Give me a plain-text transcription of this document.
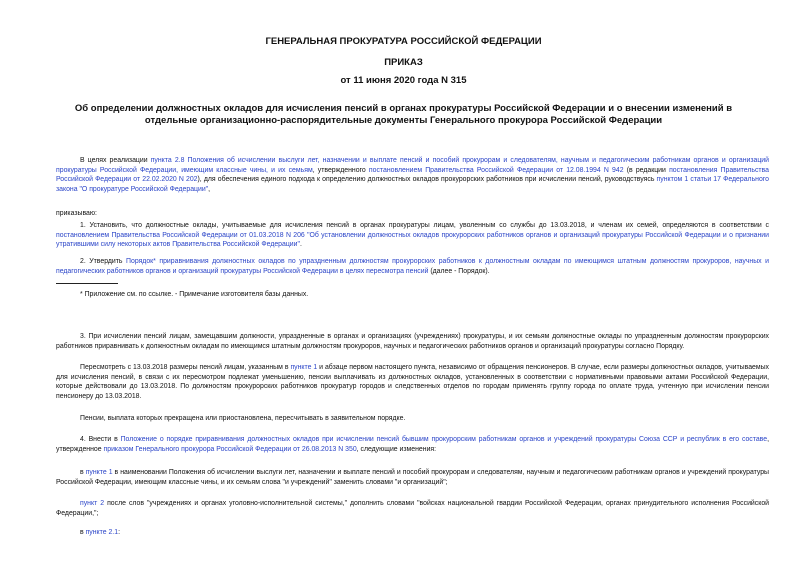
ГЕНЕРАЛЬНАЯ ПРОКУРАТУРА РОССИЙСКОЙ ФЕДЕРАЦИИ
ПРИКАЗ
от 11 июня 2020 года N 315
Об определении должностных окладов для исчисления пенсий в органах прокуратуры Российской Федерации и о внесении изменений в отдельные организационно-распорядительные документы Генерального прокурора Российской Федерации
В целях реализации пункта 2.8 Положения об исчислении выслуги лет, назначении и выплате пенсий и пособий прокурорам и следователям, научным и педагогическим работникам органов и организаций прокуратуры Российской Федерации, имеющим классные чины, и их семьям, утвержденного постановлением Правительства Российской Федерации от 12.08.1994 N 942 (в редакции постановления Правительства Российской Федерации от 22.02.2020 N 202), для обеспечения единого подхода к определению должностных окладов прокурорских работников при исчислении пенсий, руководствуясь пунктом 1 статьи 17 Федерального закона "О прокуратуре Российской Федерации",
приказываю:
1. Установить, что должностные оклады, учитываемые для исчисления пенсий в органах прокуратуры лицам, уволенным со службы до 13.03.2018, и членам их семей, определяются в соответствии с постановлением Правительства Российской Федерации от 01.03.2018 N 206 "Об установлении должностных окладов прокурорских работников органов и организаций прокуратуры Российской Федерации и о признании утратившими силу некоторых актов Правительства Российской Федерации".
2. Утвердить Порядок* приравнивания должностных окладов по упраздненным должностям прокурорских работников к должностным окладам по имеющимся штатным должностям прокуроров, научных и педагогических работников органов и организаций прокуратуры Российской Федерации в целях пересмотра пенсий (далее - Порядок).
* Приложение см. по ссылке. - Примечание изготовителя базы данных.
3. При исчислении пенсий лицам, замещавшим должности, упраздненные в органах и организациях (учреждениях) прокуратуры, и их семьям должностные оклады по упраздненным должностям прокурорских работников приравнивать к должностным окладам по имеющимся штатным должностям прокуроров, научных и педагогических работников органов и организаций прокуратуры согласно Порядку.
Пересмотреть с 13.03.2018 размеры пенсий лицам, указанным в пункте 1 и абзаце первом настоящего пункта, независимо от обращения пенсионеров. В случае, если размеры должностных окладов, учитываемых для исчисления пенсий, в связи с их пересмотром подлежат уменьшению, пенсии выплачивать из должностных окладов, установленных в соответствии с нормативными правовыми актами Российской Федерации, которые действовали до 13.03.2018. По должностям прокурорских работников прокуратур городов и следственных отделов по городам применять группу города по оплате труда, учтенную при исчислении пенсии пенсионеру до 13.03.2018.
Пенсии, выплата которых прекращена или приостановлена, пересчитывать в заявительном порядке.
4. Внести в Положение о порядке приравнивания должностных окладов при исчислении пенсий бывшим прокурорским работникам органов и учреждений прокуратуры Союза ССР и республик в его составе, утвержденное приказом Генерального прокурора Российской Федерации от 26.08.2013 N 350, следующие изменения:
в пункте 1 в наименовании Положения об исчислении выслуги лет, назначении и выплате пенсий и пособий прокурорам и следователям, научным и педагогическим работникам органов и учреждений прокуратуры Российской Федерации, имеющим классные чины, и их семьям слова "и учреждений" заменить словами "и организаций";
пункт 2 после слов "учреждениях и органах уголовно-исполнительной системы," дополнить словами "войсках национальной гвардии Российской Федерации, органах принудительного исполнения Российской Федерации,";
в пункте 2.1:
